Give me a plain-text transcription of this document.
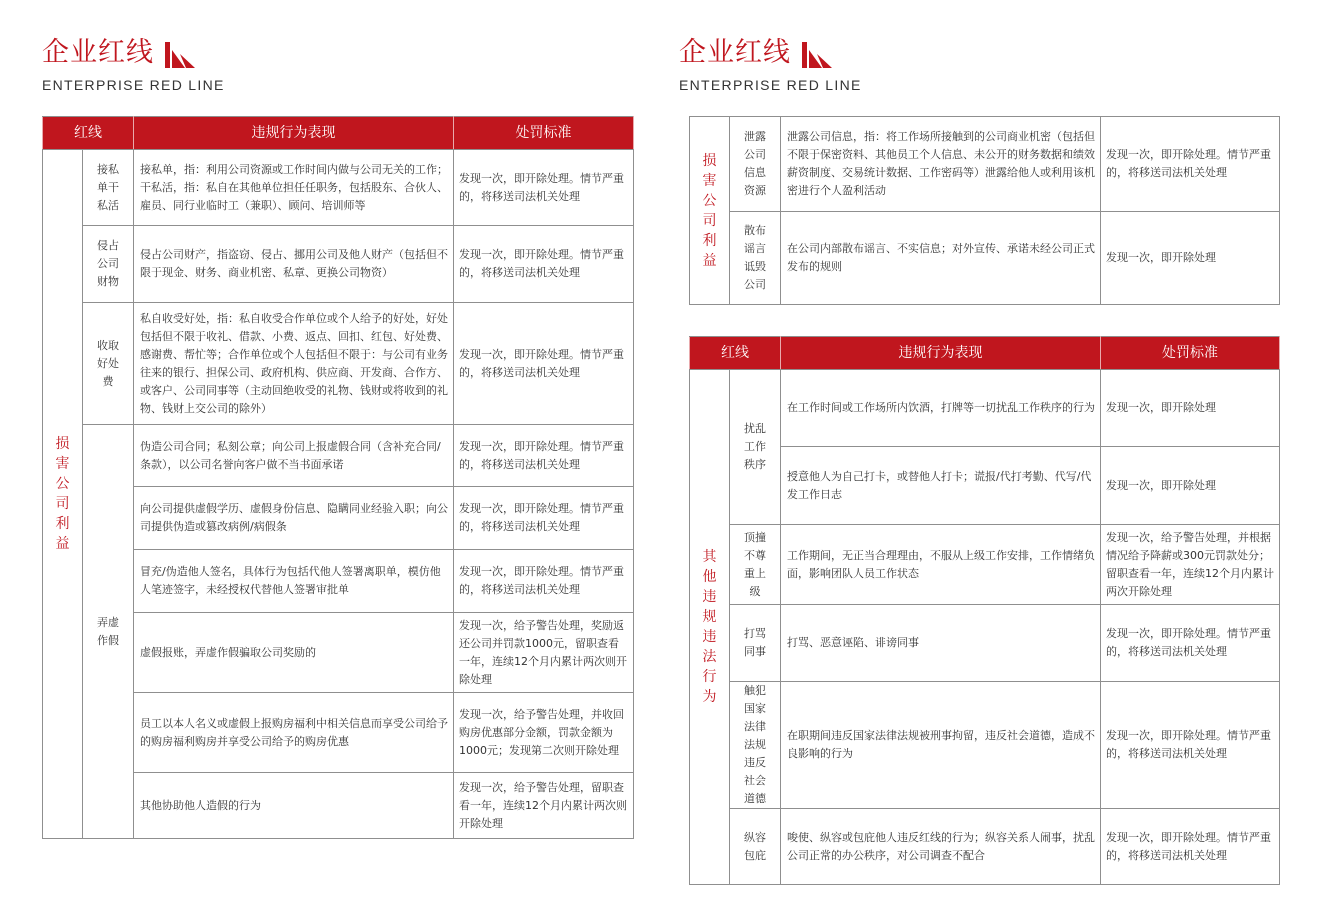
企业红线
ENTERPRISE RED LINE
红线		违规行为表现	处罚标准
损害公司利益	接私单干私活	接私单，指：利用公司资源或工作时间内做与公司无关的工作；干私活，指：私自在其他单位担任任职务，包括股东、合伙人、雇员、同行业临时工（兼职）、顾问、培训师等	发现一次，即开除处理。情节严重的，将移送司法机关处理
	侵占公司财物	侵占公司财产，指盗窃、侵占、挪用公司及他人财产（包括但不限于现金、财务、商业机密、私章、更换公司物资）	发现一次，即开除处理。情节严重的，将移送司法机关处理
	收取好处费	私自收受好处，指：私自收受合作单位或个人给予的好处，好处包括但不限于收礼、借款、小费、返点、回扣、红包、好处费、感谢费、帮忙等；合作单位或个人包括但不限于：与公司有业务往来的银行、担保公司、政府机构、供应商、开发商、合作方、或客户、公司同事等（主动回绝收受的礼物、钱财或将收到的礼物、钱财上交公司的除外）	发现一次，即开除处理。情节严重的，将移送司法机关处理
	弄虚作假	伪造公司合同；私刻公章；向公司上报虚假合同（含补充合同/条款），以公司名誉向客户做不当书面承诺	发现一次，即开除处理。情节严重的，将移送司法机关处理
		向公司提供虚假学历、虚假身份信息、隐瞒同业经验入职；向公司提供伪造或篡改病例/病假条	发现一次，即开除处理。情节严重的，将移送司法机关处理
		冒充/伪造他人签名，具体行为包括代他人签署离职单，模仿他人笔迹签字，未经授权代替他人签署审批单	发现一次，即开除处理。情节严重的，将移送司法机关处理
		虚假报账，弄虚作假骗取公司奖励的	发现一次，给予警告处理，奖励返还公司并罚款1000元，留职查看一年，连续12个月内累计两次则开除处理
		员工以本人名义或虚假上报购房福利中相关信息而享受公司给予的购房福利购房并享受公司给予的购房优惠	发现一次，给予警告处理，并收回购房优惠部分金额，罚款金额为1000元；发现第二次则开除处理
		其他协助他人造假的行为	发现一次，给予警告处理，留职查看一年，连续12个月内累计两次则开除处理
企业红线
ENTERPRISE RED LINE
损害公司利益	泄露公司信息资源	泄露公司信息，指：将工作场所接触到的公司商业机密（包括但不限于保密资料、其他员工个人信息、未公开的财务数据和绩效薪资制度、交易统计数据、工作密码等）泄露给他人或利用该机密进行个人盈利活动	发现一次，即开除处理。情节严重的，将移送司法机关处理
	散布谣言诋毁公司	在公司内部散布谣言、不实信息；对外宣传、承诺未经公司正式发布的规则	发现一次，即开除处理
红线		违规行为表现	处罚标准
其他违规违法行为	扰乱工作秩序	在工作时间或工作场所内饮酒，打牌等一切扰乱工作秩序的行为	发现一次，即开除处理
		授意他人为自己打卡，或替他人打卡；谎报/代打考勤、代写/代发工作日志	发现一次，即开除处理
	顶撞不尊重上级	工作期间，无正当合理理由，不服从上级工作安排，工作情绪负面，影响团队人员工作状态	发现一次，给予警告处理，并根据情况给予降薪或300元罚款处分；留职查看一年，连续12个月内累计两次开除处理
	打骂同事	打骂、恶意诬陷、诽谤同事	发现一次，即开除处理。情节严重的，将移送司法机关处理
	触犯国家法律法规违反社会道德	在职期间违反国家法律法规被刑事拘留，违反社会道德，造成不良影响的行为	发现一次，即开除处理。情节严重的，将移送司法机关处理
	纵容包庇	唆使、纵容或包庇他人违反红线的行为；纵容关系人闹事，扰乱公司正常的办公秩序，对公司调查不配合	发现一次，即开除处理。情节严重的，将移送司法机关处理
